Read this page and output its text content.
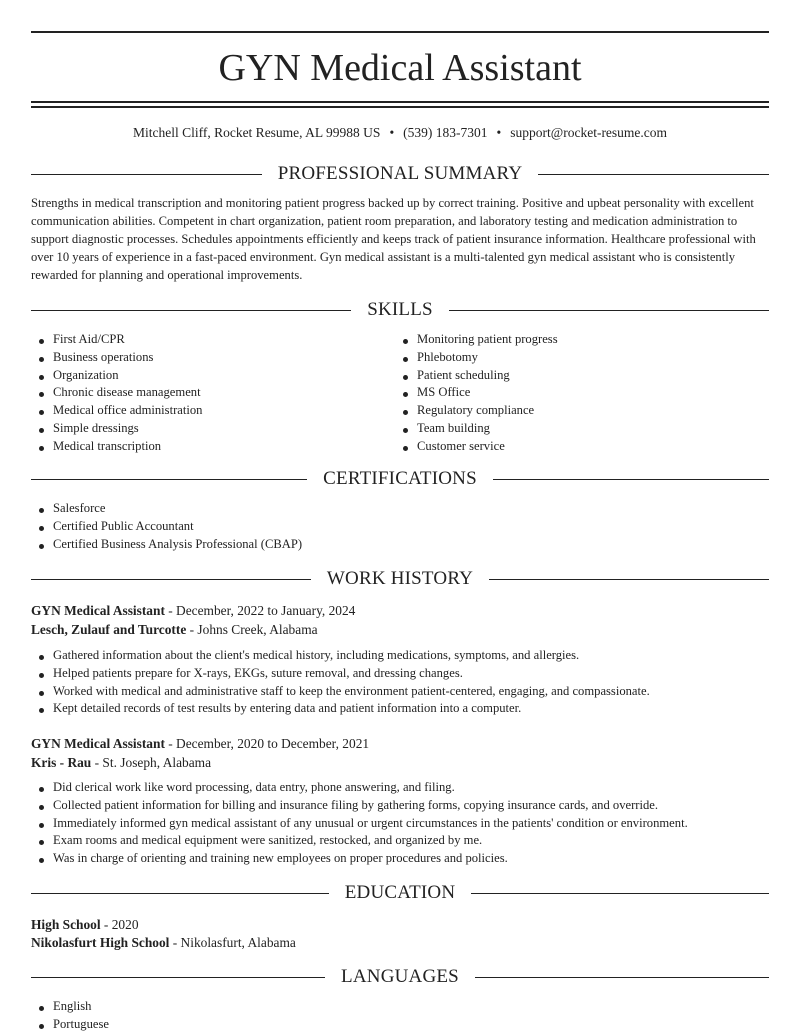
GYN Medical Assistant
Mitchell Cliff, Rocket Resume, AL 99988 US • (539) 183-7301 • support@rocket-resume.com
PROFESSIONAL SUMMARY

Strengths in medical transcription and monitoring patient progress backed up by correct training. Positive and upbeat personality with excellent communication abilities. Competent in chart organization, patient room preparation, and laboratory testing and medication administration to support diagnostic processes. Schedules appointments efficiently and keeps track of patient insurance information. Healthcare professional with over 10 years of experience in a fast-paced environment. Gyn medical assistant is a multi-talented gyn medical assistant who is consistently rewarded for planning and operational improvements.

SKILLS
First Aid/CPR
Business operations
Organization
Chronic disease management
Medical office administration
Simple dressings
Medical transcription
Monitoring patient progress
Phlebotomy
Patient scheduling
MS Office
Regulatory compliance
Team building
Customer service
CERTIFICATIONS
Salesforce
Certified Public Accountant
Certified Business Analysis Professional (CBAP)
WORK HISTORY
GYN Medical Assistant - December, 2022 to January, 2024
Lesch, Zulauf and Turcotte - Johns Creek, Alabama
Gathered information about the client's medical history, including medications, symptoms, and allergies.
Helped patients prepare for X-rays, EKGs, suture removal, and dressing changes.
Worked with medical and administrative staff to keep the environment patient-centered, engaging, and compassionate.
Kept detailed records of test results by entering data and patient information into a computer.
GYN Medical Assistant - December, 2020 to December, 2021
Kris - Rau - St. Joseph, Alabama
Did clerical work like word processing, data entry, phone answering, and filing.
Collected patient information for billing and insurance filing by gathering forms, copying insurance cards, and override.
Immediately informed gyn medical assistant of any unusual or urgent circumstances in the patients' condition or environment.
Exam rooms and medical equipment were sanitized, restocked, and organized by me.
Was in charge of orienting and training new employees on proper procedures and policies.
EDUCATION
High School - 2020
Nikolasfurt High School - Nikolasfurt, Alabama
LANGUAGES
English
Portuguese
